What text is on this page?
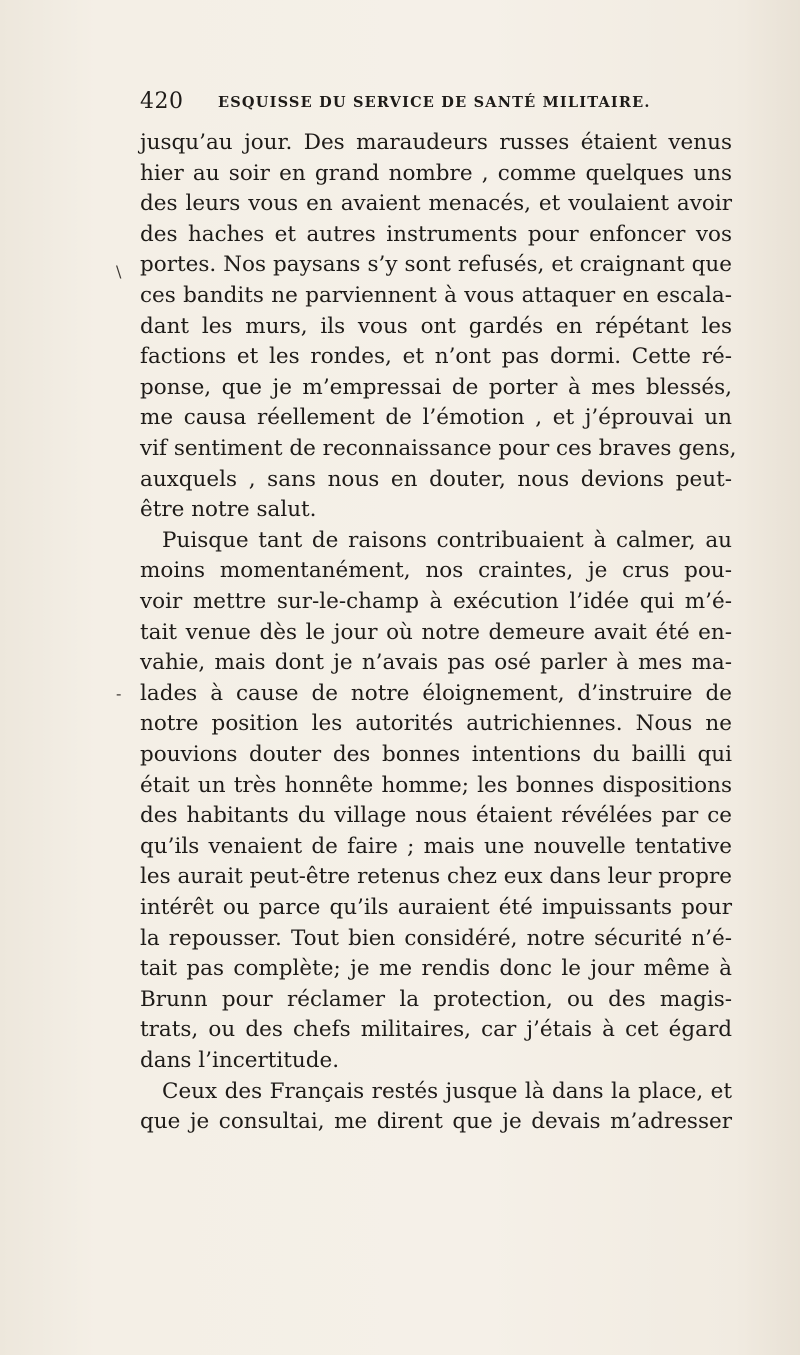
420 ESQUISSE DU SERVICE DE SANTÉ MILITAIRE.
\
-
jusqu’au jour. Des maraudeurs russes étaient venus
hier au soir en grand nombre , comme quelques uns
des leurs vous en avaient menacés, et voulaient avoir
des haches et autres instruments pour enfoncer vos
portes. Nos paysans s’y sont refusés, et craignant que
ces bandits ne parviennent à vous attaquer en escala-
dant les murs, ils vous ont gardés en répétant les
factions et les rondes, et n’ont pas dormi. Cette ré-
ponse, que je m’empressai de porter à mes blessés,
me causa réellement de l’émotion , et j’éprouvai un
vif sentiment de reconnaissance pour ces braves gens,
auxquels , sans nous en douter, nous devions peut-
être notre salut.
Puisque tant de raisons contribuaient à calmer, au
moins momentanément, nos craintes, je crus pou-
voir mettre sur-le-champ à exécution l’idée qui m’é-
tait venue dès le jour où notre demeure avait été en-
vahie, mais dont je n’avais pas osé parler à mes ma-
lades à cause de notre éloignement, d’instruire de
notre position les autorités autrichiennes. Nous ne
pouvions douter des bonnes intentions du bailli qui
était un très honnête homme; les bonnes dispositions
des habitants du village nous étaient révélées par ce
qu’ils venaient de faire ; mais une nouvelle tentative
les aurait peut-être retenus chez eux dans leur propre
intérêt ou parce qu’ils auraient été impuissants pour
la repousser. Tout bien considéré, notre sécurité n’é-
tait pas complète; je me rendis donc le jour même à
Brunn pour réclamer la protection, ou des magis-
trats, ou des chefs militaires, car j’étais à cet égard
dans l’incertitude.
Ceux des Français restés jusque là dans la place, et
que je consultai, me dirent que je devais m’adresser
